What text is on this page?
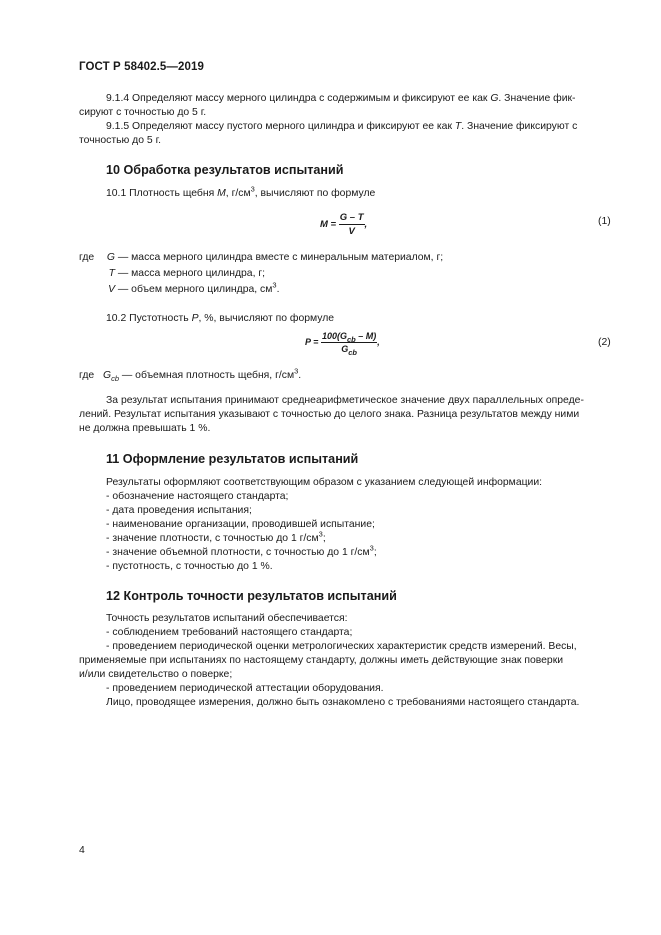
ГОСТ Р 58402.5—2019
9.1.4 Определяют массу мерного цилиндра с содержимым и фиксируют ее как G. Значение фик-
сируют с точностью до 5 г.
9.1.5 Определяют массу пустого мерного цилиндра и фиксируют ее как T. Значение фиксируют с
точностью до 5 г.
10 Обработка результатов испытаний
10.1 Плотность щебня M, $г/см^3$, вычисляют по формуле
$M = \frac{G - T}{V}$ ,	(1)
где G — масса мерного цилиндра вместе с минеральным материалом, г;
T — масса мерного цилиндра, г;
V — объем мерного цилиндра, $см^3$.
10.2 Пустотность P, %, вычисляют по формуле
$P = \frac{100(G_{cb} - M)}{G_{cb}}$ ,	(2)
где $G_{cb}$ — объемная плотность щебня, $г/см^3$.
За результат испытания принимают среднеарифметическое значение двух параллельных опреде-
лений. Результат испытания указывают с точностью до целого знака. Разница результатов между ними
не должна превышать 1 %.
11 Оформление результатов испытаний
Результаты оформляют соответствующим образом с указанием следующей информации:
- обозначение настоящего стандарта;
- дата проведения испытания;
- наименование организации, проводившей испытание;
- значение плотности, с точностью до 1 $г/см^3$;
- значение объемной плотности, с точностью до 1 $г/см^3$;
- пустотность, с точностью до 1 %.
12 Контроль точности результатов испытаний
Точность результатов испытаний обеспечивается:
- соблюдением требований настоящего стандарта;
- проведением периодической оценки метрологических характеристик средств измерений. Весы,
применяемые при испытаниях по настоящему стандарту, должны иметь действующие знак поверки
и/или свидетельство о поверке;
- проведением периодической аттестации оборудования.
Лицо, проводящее измерения, должно быть ознакомлено с требованиями настоящего стандарта.
4
